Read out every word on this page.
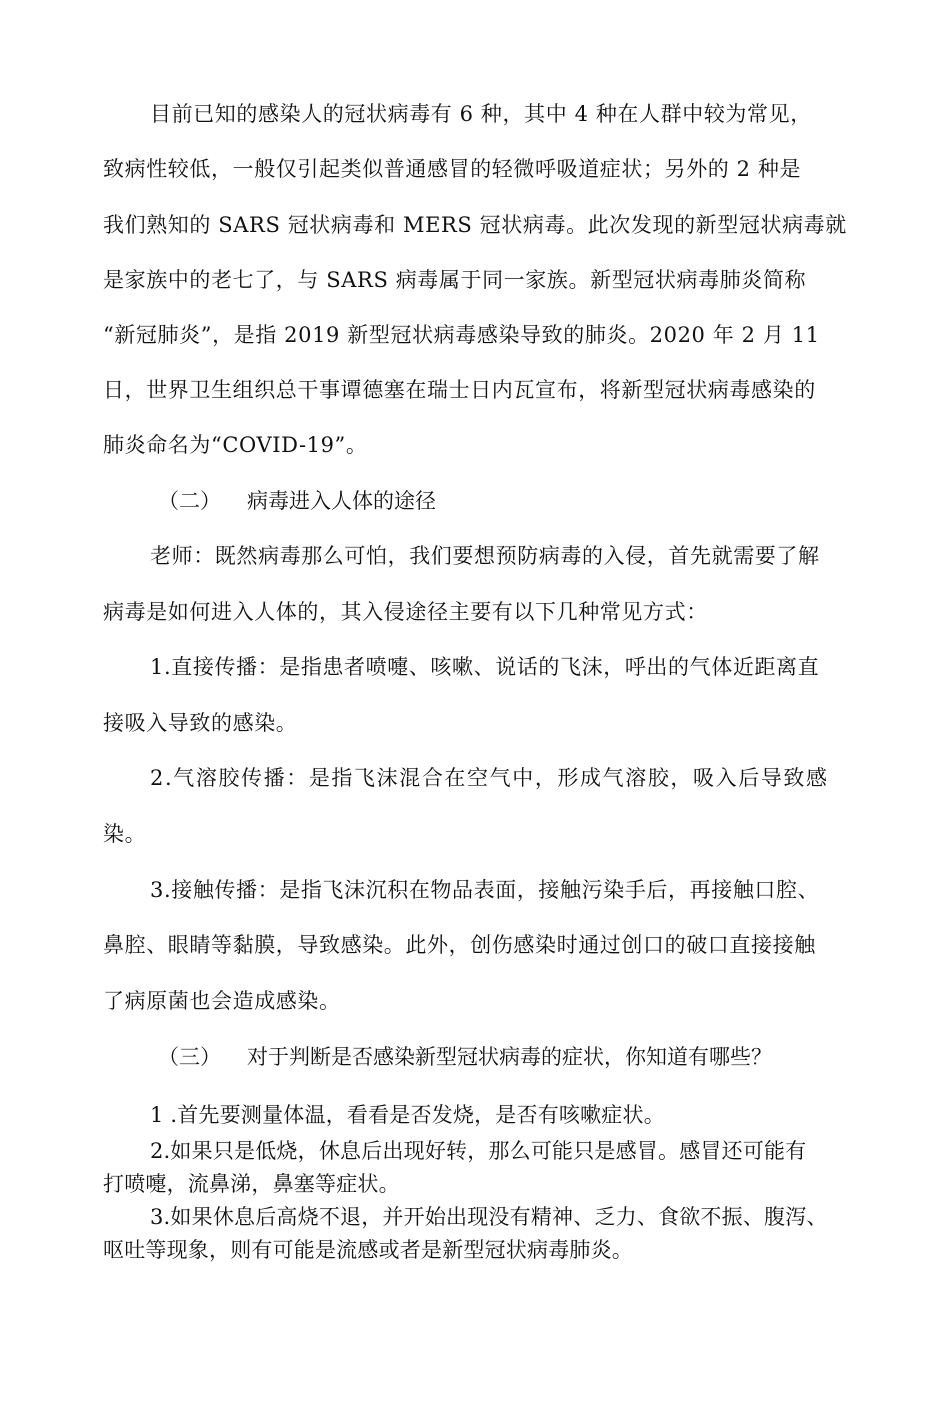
目前已知的感染人的冠状病毒有 6 种，其中 4 种在人群中较为常见，
致病性较低，一般仅引起类似普通感冒的轻微呼吸道症状；另外的 2 种是
我们熟知的 SARS 冠状病毒和 MERS 冠状病毒。此次发现的新型冠状病毒就
是家族中的老七了，与 SARS 病毒属于同一家族。新型冠状病毒肺炎简称
“新冠肺炎”，是指 2019 新型冠状病毒感染导致的肺炎。2020 年 2 月 11
日，世界卫生组织总干事谭德塞在瑞士日内瓦宣布，将新型冠状病毒感染的
肺炎命名为“COVID-19”。
（二） 病毒进入人体的途径
老师：既然病毒那么可怕，我们要想预防病毒的入侵，首先就需要了解
病毒是如何进入人体的，其入侵途径主要有以下几种常见方式：
1.直接传播：是指患者喷嚏、咳嗽、说话的飞沫，呼出的气体近距离直
接吸入导致的感染。
2.气溶胶传播：是指飞沫混合在空气中，形成气溶胶，吸入后导致感
染。
3.接触传播：是指飞沫沉积在物品表面，接触污染手后，再接触口腔、
鼻腔、眼睛等黏膜，导致感染。此外，创伤感染时通过创口的破口直接接触
了病原菌也会造成感染。
（三） 对于判断是否感染新型冠状病毒的症状，你知道有哪些？
1 .首先要测量体温，看看是否发烧，是否有咳嗽症状。
2.如果只是低烧，休息后出现好转，那么可能只是感冒。感冒还可能有
打喷嚏，流鼻涕，鼻塞等症状。
3.如果休息后高烧不退，并开始出现没有精神、乏力、食欲不振、腹泻、
呕吐等现象，则有可能是流感或者是新型冠状病毒肺炎。
